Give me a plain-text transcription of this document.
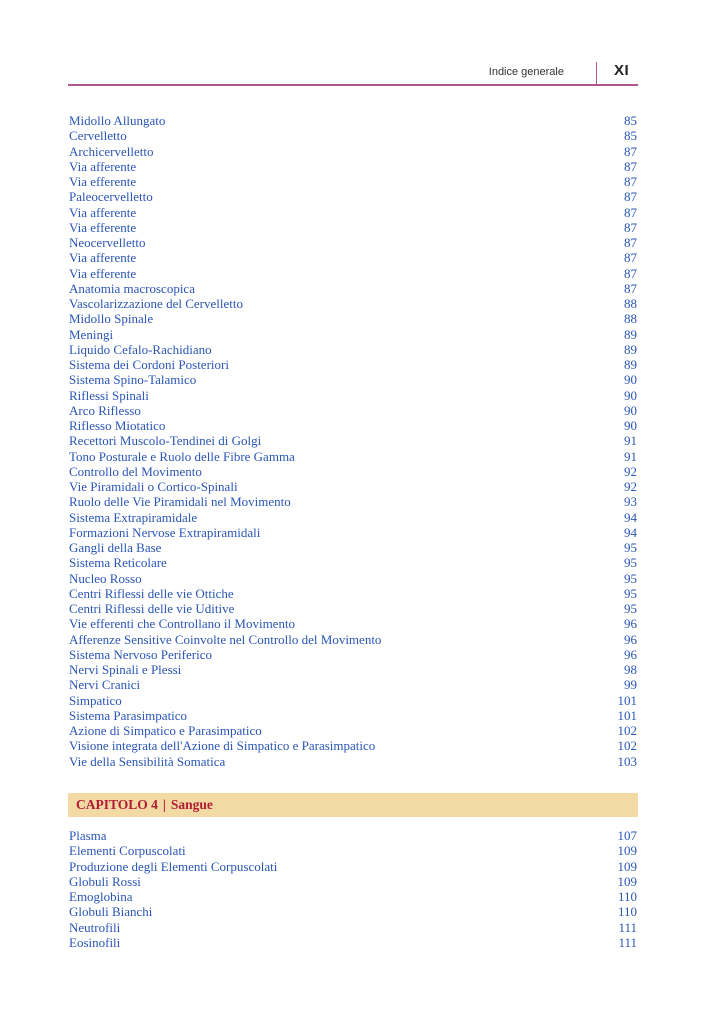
Indice generale	XI
Midollo Allungato	85
Cervelletto	85
Archicervelletto	87
Via afferente	87
Via efferente	87
Paleocervelletto	87
Via afferente	87
Via efferente	87
Neocervelletto	87
Via afferente	87
Via efferente	87
Anatomia macroscopica	87
Vascolarizzazione del Cervelletto	88
Midollo Spinale	88
Meningi	89
Liquido Cefalo-Rachidiano	89
Sistema dei Cordoni Posteriori	89
Sistema Spino-Talamico	90
Riflessi Spinali	90
Arco Riflesso	90
Riflesso Miotatico	90
Recettori Muscolo-Tendinei di Golgi	91
Tono Posturale e Ruolo delle Fibre Gamma	91
Controllo del Movimento	92
Vie Piramidali o Cortico-Spinali	92
Ruolo delle Vie Piramidali nel Movimento	93
Sistema Extrapiramidale	94
Formazioni Nervose Extrapiramidali	94
Gangli della Base	95
Sistema Reticolare	95
Nucleo Rosso	95
Centri Riflessi delle vie Ottiche	95
Centri Riflessi delle vie Uditive	95
Vie efferenti che Controllano il Movimento	96
Afferenze Sensitive Coinvolte nel Controllo del Movimento	96
Sistema Nervoso Periferico	96
Nervi Spinali e Plessi	98
Nervi Cranici	99
Simpatico	101
Sistema Parasimpatico	101
Azione di Simpatico e Parasimpatico	102
Visione integrata dell'Azione di Simpatico e Parasimpatico	102
Vie della Sensibilità Somatica	103
CAPITOLO 4 | Sangue
Plasma	107
Elementi Corpuscolati	109
Produzione degli Elementi Corpuscolati	109
Globuli Rossi	109
Emoglobina	110
Globuli Bianchi	110
Neutrofili	111
Eosinofili	111
